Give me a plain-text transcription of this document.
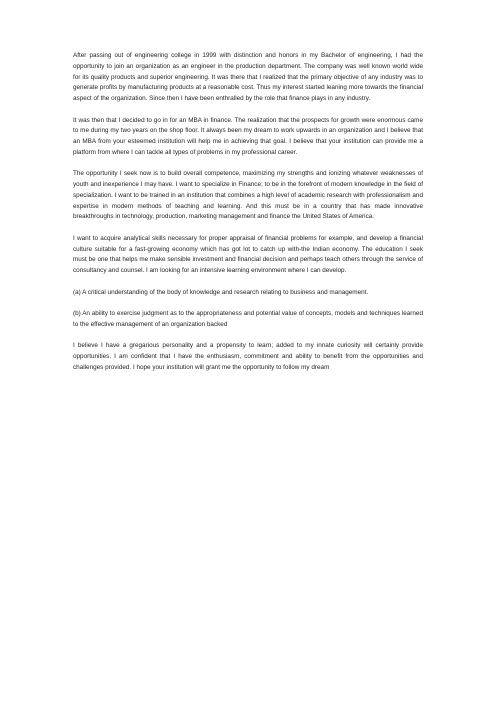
After passing out of engineering college in 1999 with distinction and honors in my Bachelor of engineering, I had the opportunity to join an organization as an engineer in the production department. The company was well known world wide for its quality products and superior engineering. It was there that I realized that the primary objective of any industry was to generate profits by manufacturing products at a reasonable cost. Thus my interest started leaning more towards the financial aspect of the organization. Since then I have been enthralled by the role that finance plays in any industry.

It was then that I decided to go in for an MBA in finance. The realization that the prospects for growth were enormous came to me during my two years on the shop floor. It always been my dream to work upwards in an organization and I believe that an MBA from your esteemed institution will help me in achieving that goal. I believe that your institution can provide me a platform from where I can tackle all types of problems in my professional career.

The opportunity I seek now is to build overall competence, maximizing my strengths and ionizing whatever weaknesses of youth and inexperience I may have. I want to specialize in Finance; to be in the forefront of modern knowledge in the field of specialization. I want to be trained in an institution that combines a high level of academic research with professionalism and expertise in modern methods of teaching and learning. And this must be in a country that has made innovative breakthroughs in technology, production, marketing management and finance the United States of America.

I want to acquire analytical skills necessary for proper appraisal of financial problems for example, and develop a financial culture suitable for a fast-growing economy which has got lot to catch up with-the Indian economy. The education I seek must be one that helps me make sensible investment and financial decision and perhaps teach others through the service of consultancy and counsel. I am looking for an intensive learning environment where I can develop.

(a) A critical understanding of the body of knowledge and research relating to business and management.

(b) An ability to exercise judgment as to the appropriateness and potential value of concepts, models and techniques learned to the effective management of an organization backed

I believe I have a gregarious personality and a propensity to learn; added to my innate curiosity will certainly provide opportunities. I am confident that I have the enthusiasm, commitment and ability to benefit from the opportunities and challenges provided. I hope your institution will grant me the opportunity to follow my dream
